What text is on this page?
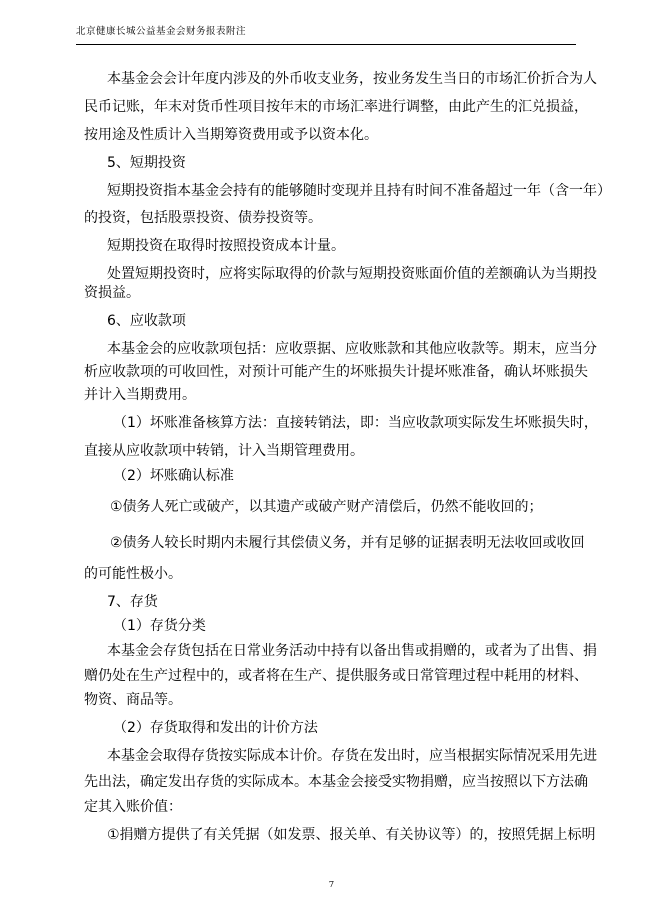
北京健康长城公益基金会财务报表附注
本基金会会计年度内涉及的外币收支业务，按业务发生当日的市场汇价折合为人
民币记账，年末对货币性项目按年末的市场汇率进行调整，由此产生的汇兑损益，
按用途及性质计入当期筹资费用或予以资本化。
5、短期投资
短期投资指本基金会持有的能够随时变现并且持有时间不准备超过一年（含一年）
的投资，包括股票投资、债券投资等。
短期投资在取得时按照投资成本计量。
处置短期投资时，应将实际取得的价款与短期投资账面价值的差额确认为当期投
资损益。
6、应收款项
本基金会的应收款项包括：应收票据、应收账款和其他应收款等。期末，应当分
析应收款项的可收回性，对预计可能产生的坏账损失计提坏账准备，确认坏账损失
并计入当期费用。
（1）坏账准备核算方法：直接转销法，即：当应收款项实际发生坏账损失时，
直接从应收款项中转销，计入当期管理费用。
（2）坏账确认标准
①债务人死亡或破产，以其遗产或破产财产清偿后，仍然不能收回的；
②债务人较长时期内未履行其偿债义务，并有足够的证据表明无法收回或收回
的可能性极小。
7、存货
（1）存货分类
本基金会存货包括在日常业务活动中持有以备出售或捐赠的，或者为了出售、捐
赠仍处在生产过程中的，或者将在生产、提供服务或日常管理过程中耗用的材料、
物资、商品等。
（2）存货取得和发出的计价方法
本基金会取得存货按实际成本计价。存货在发出时，应当根据实际情况采用先进
先出法，确定发出存货的实际成本。本基金会接受实物捐赠，应当按照以下方法确
定其入账价值：
①捐赠方提供了有关凭据（如发票、报关单、有关协议等）的，按照凭据上标明
7
